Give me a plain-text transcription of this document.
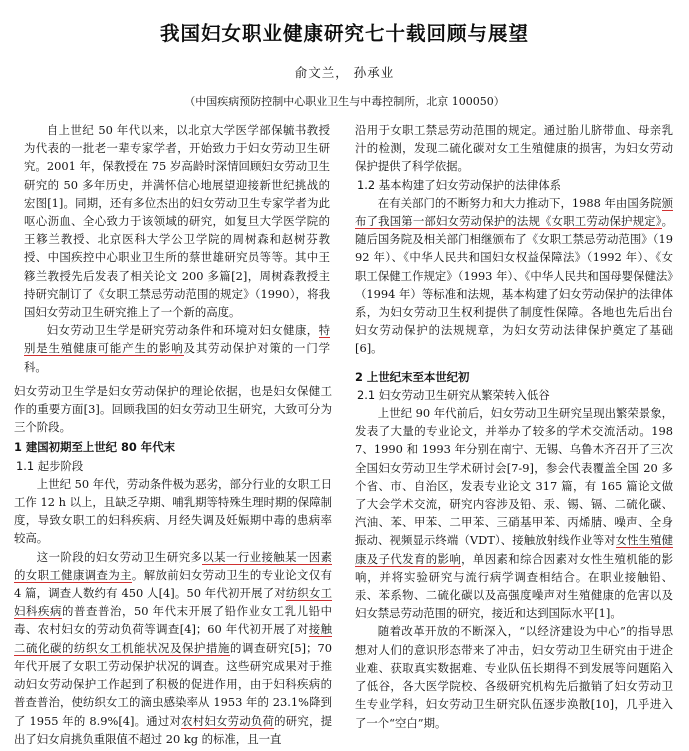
我国妇女职业健康研究七十载回顾与展望
俞文兰， 孙承业
（中国疾病预防控制中心职业卫生与中毒控制所，北京 100050）

自上世纪 50 年代以来，以北京大学医学部保毓书教授为代表的一批老一辈专家学者，开始致力于妇女劳动卫生研究。2001 年，保教授在 75 岁高龄时深情回顾妇女劳动卫生研究的 50 多年历史，并满怀信心地展望迎接新世纪挑战的宏图[1]。同期，还有多位杰出的妇女劳动卫生专家学者为此呕心沥血、全心致力于该领域的研究，如复旦大学医学院的王簃兰教授、北京医科大学公卫学院的周树森和赵树芬教授、中国疾控中心职业卫生所的蔡世雄研究员等等。其中王簃兰教授先后发表了相关论文 200 多篇[2]，周树森教授主持研究制订了《女职工禁忌劳动范围的规定》（1990），将我国妇女劳动卫生研究推上了一个新的高度。

妇女劳动卫生学是研究劳动条件和环境对妇女健康，特别是生殖健康可能产生的影响及其劳动保护对策的一门学科。

妇女劳动卫生学是妇女劳动保护的理论依据，也是妇女保健工作的重要方面[3]。回顾我国的妇女劳动卫生研究，大致可分为三个阶段。

1 建国初期至上世纪 80 年代末
1.1 起步阶段

上世纪 50 年代，劳动条件极为恶劣，部分行业的女职工日工作 12 h 以上，且缺乏孕期、哺乳期等特殊生理时期的保障制度，导致女职工的妇科疾病、月经失调及妊娠期中毒的患病率较高。

这一阶段的妇女劳动卫生研究多以某一行业接触某一因素的女职工健康调查为主。解放前妇女劳动卫生的专业论文仅有 4 篇，调查人数约有 450 人[4]。50 年代初开展了对纺织女工妇科疾病的普查普治，50 年代末开展了铅作业女工乳儿铅中毒、农村妇女的劳动负荷等调查[4]；60 年代初开展了对接触二硫化碳的纺织女工机能状况及保护措施的调查研究[5]；70 年代开展了女职工劳动保护状况的调查。这些研究成果对于推动妇女劳动保护工作起到了积极的促进作用，由于妇科疾病的普查普治，使纺织女工的滴虫感染率从 1953 年的 23.1%降到了 1955 年的 8.9%[4]。通过对农村妇女劳动负荷的研究，提出了妇女肩挑负重限值不超过 20 kg 的标准，且一直

沿用于女职工禁忌劳动范围的规定。通过胎儿脐带血、母亲乳汁的检测，发现二硫化碳对女工生殖健康的损害，为妇女劳动保护提供了科学依据。

1.2 基本构建了妇女劳动保护的法律体系

在有关部门的不断努力和大力推动下，1988 年由国务院颁布了我国第一部妇女劳动保护的法规《女职工劳动保护规定》。随后国务院及相关部门相继颁布了《女职工禁忌劳动范围》（1992 年）、《中华人民共和国妇女权益保障法》（1992 年）、《女职工保健工作规定》（1993 年）、《中华人民共和国母婴保健法》（1994 年）等标准和法规，基本构建了妇女劳动保护的法律体系，为妇女劳动卫生权利提供了制度性保障。各地也先后出台妇女劳动保护的法规规章，为妇女劳动法律保护奠定了基础[6]。

2 上世纪末至本世纪初
2.1 妇女劳动卫生研究从繁荣转入低谷

上世纪 90 年代前后，妇女劳动卫生研究呈现出繁荣景象，发表了大量的专业论文，并举办了较多的学术交流活动。1987、1990 和 1993 年分别在南宁、无锡、乌鲁木齐召开了三次全国妇女劳动卫生学术研讨会[7-9]，参会代表覆盖全国 20 多个省、市、自治区，发表专业论文 317 篇，有 165 篇论文做了大会学术交流，研究内容涉及铅、汞、锡、镉、二硫化碳、汽油、苯、甲苯、二甲苯、三硝基甲苯、丙烯腈、噪声、全身振动、视频显示终端（VDT）、接触放射线作业等对女性生殖健康及子代发育的影响，单因素和综合因素对女性生殖机能的影响，并将实验研究与流行病学调查相结合。在职业接触铅、汞、苯系物、二硫化碳以及高强度噪声对生殖健康的危害以及妇女禁忌劳动范围的研究，接近和达到国际水平[1]。

随着改革开放的不断深入，“以经济建设为中心”的指导思想对人们的意识形态带来了冲击，妇女劳动卫生研究由于进企业难、获取真实数据难、专业队伍长期得不到发展等问题陷入了低谷，各大医学院校、各级研究机构先后撤销了妇女劳动卫生专业学科，妇女劳动卫生研究队伍逐步涣散[10]，几乎进入了一个“空白”期。
